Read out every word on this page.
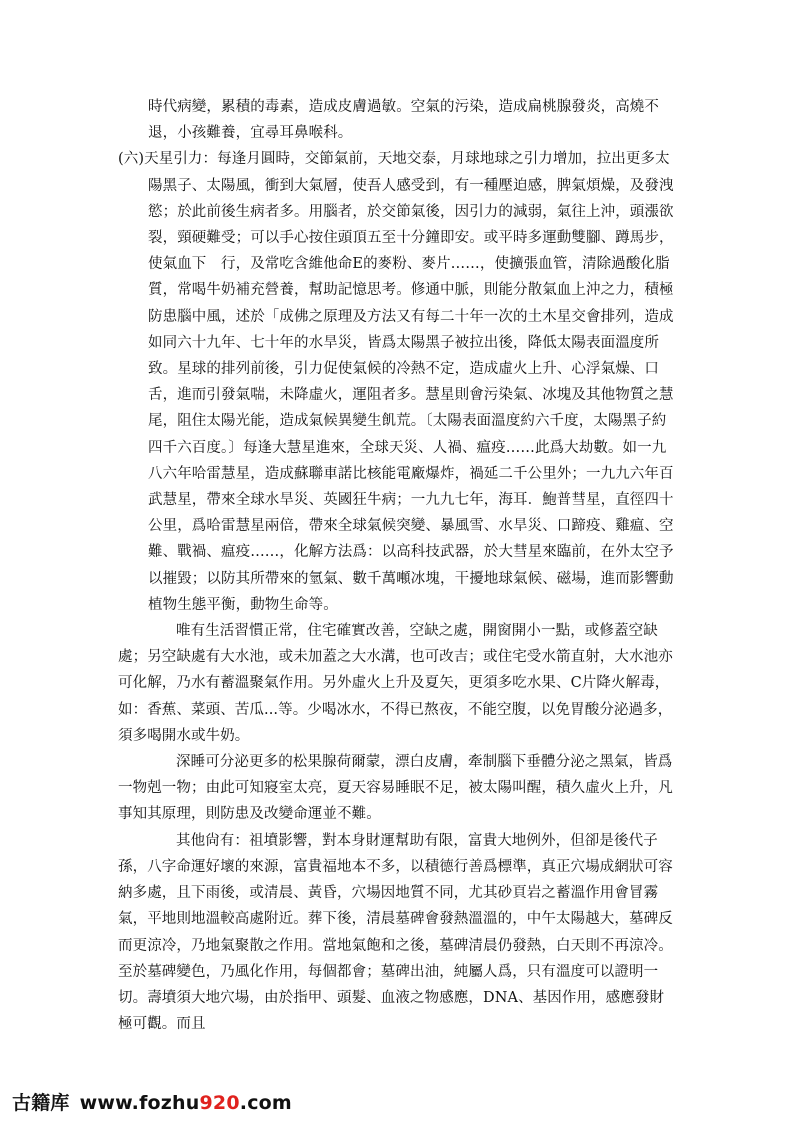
時代病變，累積的毒素，造成皮膚過敏。空氣的污染，造成扁桃腺發炎，高燒不退，小孩難養，宜尋耳鼻喉科。

(六)天星引力：每逢月圓時，交節氣前，天地交泰，月球地球之引力增加，拉出更多太陽黑子、太陽風，衝到大氣層，使吾人感受到，有一種壓迫感，脾氣煩燥，及發洩慾；於此前後生病者多。用腦者，於交節氣後，因引力的減弱，氣往上沖，頭漲欲裂，頸硬難受；可以手心按住頭頂五至十分鐘即安。或平時多運動雙腳、蹲馬步，使氣血下　行，及常吃含維他命E的麥粉、麥片……，使擴張血管，清除過酸化脂質，常喝牛奶補充營養，幫助記憶思考。修通中脈，則能分散氣血上沖之力，積極防患腦中風，述於「成佛之原理及方法又有每二十年一次的土木星交會排列，造成如同六十九年、七十年的水旱災，皆爲太陽黑子被拉出後，降低太陽表面溫度所致。星球的排列前後，引力促使氣候的冷熱不定，造成虛火上升、心浮氣燥、口舌，進而引發氣喘，未降虛火，運阻者多。慧星則會污染氣、冰塊及其他物質之慧尾，阻住太陽光能，造成氣候異變生飢荒。〔太陽表面溫度約六千度，太陽黑子約四千六百度。〕每逢大慧星進來，全球天災、人禍、瘟疫……此爲大劫數。如一九八六年哈雷慧星，造成蘇聯車諾比核能電廠爆炸，禍延二千公里外；一九九六年百武慧星，帶來全球水旱災、英國狂牛病；一九九七年，海耳．鮑普彗星，直徑四十公里，爲哈雷慧星兩倍，帶來全球氣候突變、暴風雪、水旱災、口蹄疫、雞瘟、空難、戰禍、瘟疫……，化解方法爲：以高科技武器，於大彗星來臨前，在外太空予以摧毀；以防其所帶來的氫氣、數千萬噸冰塊，干擾地球氣候、磁場，進而影響動植物生態平衡，動物生命等。

唯有生活習慣正常，住宅確實改善，空缺之處，開窗開小一點，或修蓋空缺處；另空缺處有大水池，或未加蓋之大水溝，也可改吉；或住宅受水箭直射，大水池亦可化解，乃水有蓄溫聚氣作用。另外虛火上升及夏矢，更須多吃水果、C片降火解毒，如：香蕉、菜頭、苦瓜...等。少喝冰水，不得已熬夜，不能空腹，以免胃酸分泌過多，須多喝開水或牛奶。

深睡可分泌更多的松果腺荷爾蒙，漂白皮膚，牽制腦下垂體分泌之黑氣，皆爲一物剋一物；由此可知寢室太亮，夏天容易睡眠不足，被太陽叫醒，積久虛火上升，凡事知其原理，則防患及改變命運並不難。

其他尙有：祖墳影響，對本身財運幫助有限，富貴大地例外，但卻是後代子孫，八字命運好壞的來源，富貴福地本不多，以積德行善爲標準，真正穴場成網狀可容納多處，且下雨後，或清晨、黃昏，穴場因地質不同，尤其砂頁岩之蓄溫作用會冒霧氣，平地則地溫較高處附近。葬下後，清晨墓碑會發熱溫溫的，中午太陽越大，墓碑反而更涼冷，乃地氣聚散之作用。當地氣飽和之後，墓碑清晨仍發熱，白天則不再涼冷。至於墓碑變色，乃風化作用，每個都會；墓碑出油，純屬人爲，只有溫度可以證明一切。壽墳須大地穴場，由於指甲、頭髮、血液之物感應，DNA、基因作用，感應發財極可觀。而且

古籍库 www.fozhu920.com
